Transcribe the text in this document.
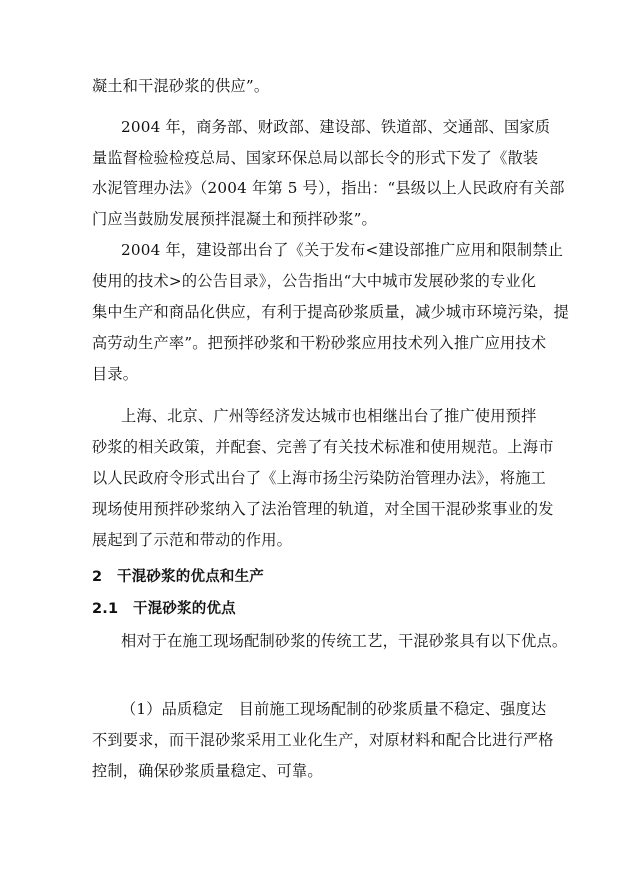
凝土和干混砂浆的供应”。
2004 年，商务部、财政部、建设部、铁道部、交通部、国家质
量监督检验检疫总局、国家环保总局以部长令的形式下发了《散装
水泥管理办法》（2004 年第 5 号），指出：“县级以上人民政府有关部
门应当鼓励发展预拌混凝土和预拌砂浆”。
2004 年，建设部出台了《关于发布<建设部推广应用和限制禁止
使用的技术>的公告目录》，公告指出“大中城市发展砂浆的专业化
集中生产和商品化供应，有利于提高砂浆质量，减少城市环境污染，提
高劳动生产率”。把预拌砂浆和干粉砂浆应用技术列入推广应用技术
目录。
上海、北京、广州等经济发达城市也相继出台了推广使用预拌
砂浆的相关政策，并配套、完善了有关技术标准和使用规范。上海市
以人民政府令形式出台了《上海市扬尘污染防治管理办法》，将施工
现场使用预拌砂浆纳入了法治管理的轨道，对全国干混砂浆事业的发
展起到了示范和带动的作用。
2　干混砂浆的优点和生产
2.1　干混砂浆的优点
相对于在施工现场配制砂浆的传统工艺，干混砂浆具有以下优点。
（1）品质稳定　目前施工现场配制的砂浆质量不稳定、强度达
不到要求，而干混砂浆采用工业化生产，对原材料和配合比进行严格
控制，确保砂浆质量稳定、可靠。
